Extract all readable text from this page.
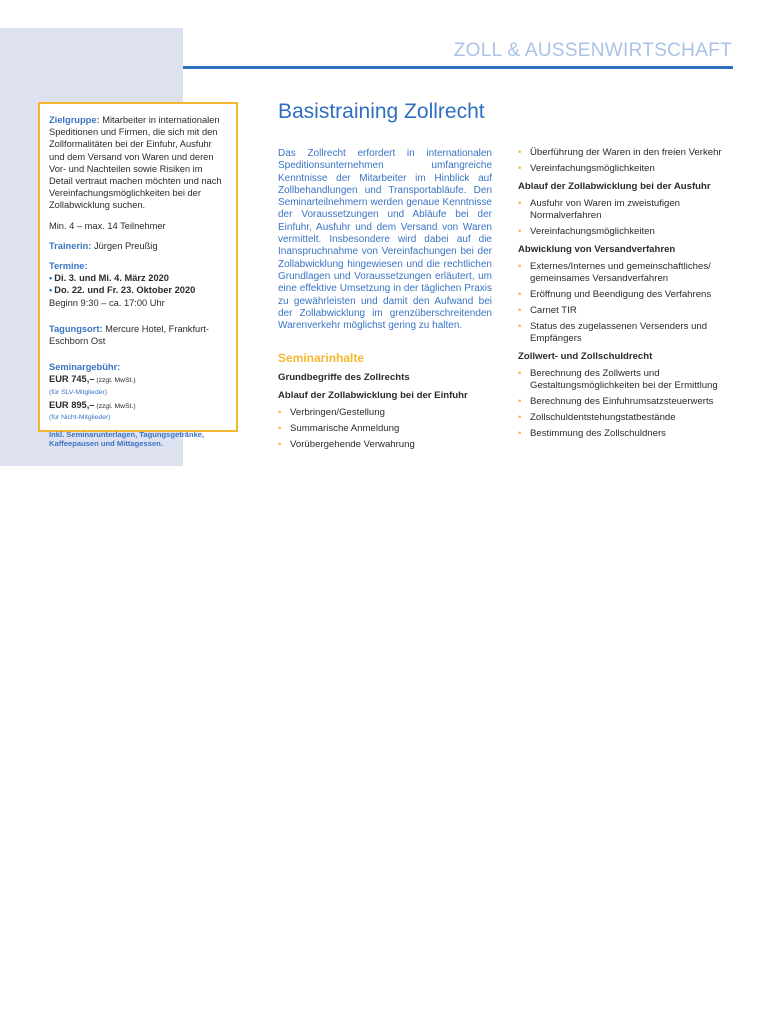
ZOLL & AUSSENWIRTSCHAFT

Zielgruppe: Mitarbeiter in internationalen Speditionen und Firmen, die sich mit den Zollformalitäten bei der Einfuhr, Ausfuhr und dem Versand von Waren und deren Vor- und Nachteilen sowie Risiken im Detail vertraut machen möchten und nach Vereinfachungsmöglichkeiten bei der Zollabwicklung suchen.

Min. 4 – max. 14 Teilnehmer

Trainerin: Jürgen Preußig

Termine:

• Di. 3. und Mi. 4. März 2020
• Do. 22. und Fr. 23. Oktober 2020

Beginn 9:30 – ca. 17:00 Uhr

Tagungsort: Mercure Hotel, Frankfurt-Eschborn Ost

Seminargebühr:

EUR 745,– (zzgl. MwSt.)

(für SLV-Mitglieder)

EUR 895,– (zzgl. MwSt.)

(für Nicht-Mitglieder)

Inkl. Seminarunterlagen, Tagungsgetränke, Kaffeepausen und Mittagessen.

Basistraining Zollrecht

Das Zollrecht erfordert in internationalen Speditionsunternehmen umfangreiche Kenntnisse der Mitarbeiter im Hinblick auf Zollbehandlungen und Transportabläufe. Den Seminarteilnehmern werden genaue Kenntnisse der Voraussetzungen und Abläufe bei der Einfuhr, Ausfuhr und dem Versand von Waren vermittelt. Insbesondere wird dabei auf die Inanspruchnahme von Vereinfachungen bei der Zollabwicklung hingewiesen und die rechtlichen Grundlagen und Voraussetzungen erläutert, um eine effektive Umsetzung in der täglichen Praxis zu gewährleisten und damit den Aufwand bei der Zollabwicklung im grenzüberschreitenden Warenverkehr möglichst gering zu halten.

Seminarinhalte
Grundbegriffe des Zollrechts
Ablauf der Zollabwicklung bei der Einfuhr
• Verbringen/Gestellung
• Summarische Anmeldung
• Vorübergehende Verwahrung
• Überführung der Waren in den freien Verkehr
• Vereinfachungsmöglichkeiten
Ablauf der Zollabwicklung bei der Ausfuhr
• Ausfuhr von Waren im zweistufigen Normalverfahren
• Vereinfachungsmöglichkeiten
Abwicklung von Versandverfahren
• Externes/Internes und gemeinschaftliches/ gemeinsames Versandverfahren
• Eröffnung und Beendigung des Verfahrens
• Carnet TIR
• Status des zugelassenen Versenders und Empfängers
Zollwert- und Zollschuldrecht
• Berechnung des Zollwerts und Gestaltungsmöglichkeiten bei der Ermittlung
• Berechnung des Einfuhrumsatzsteuerwerts
• Zollschuldentstehungstatbestände
• Bestimmung des Zollschuldners
